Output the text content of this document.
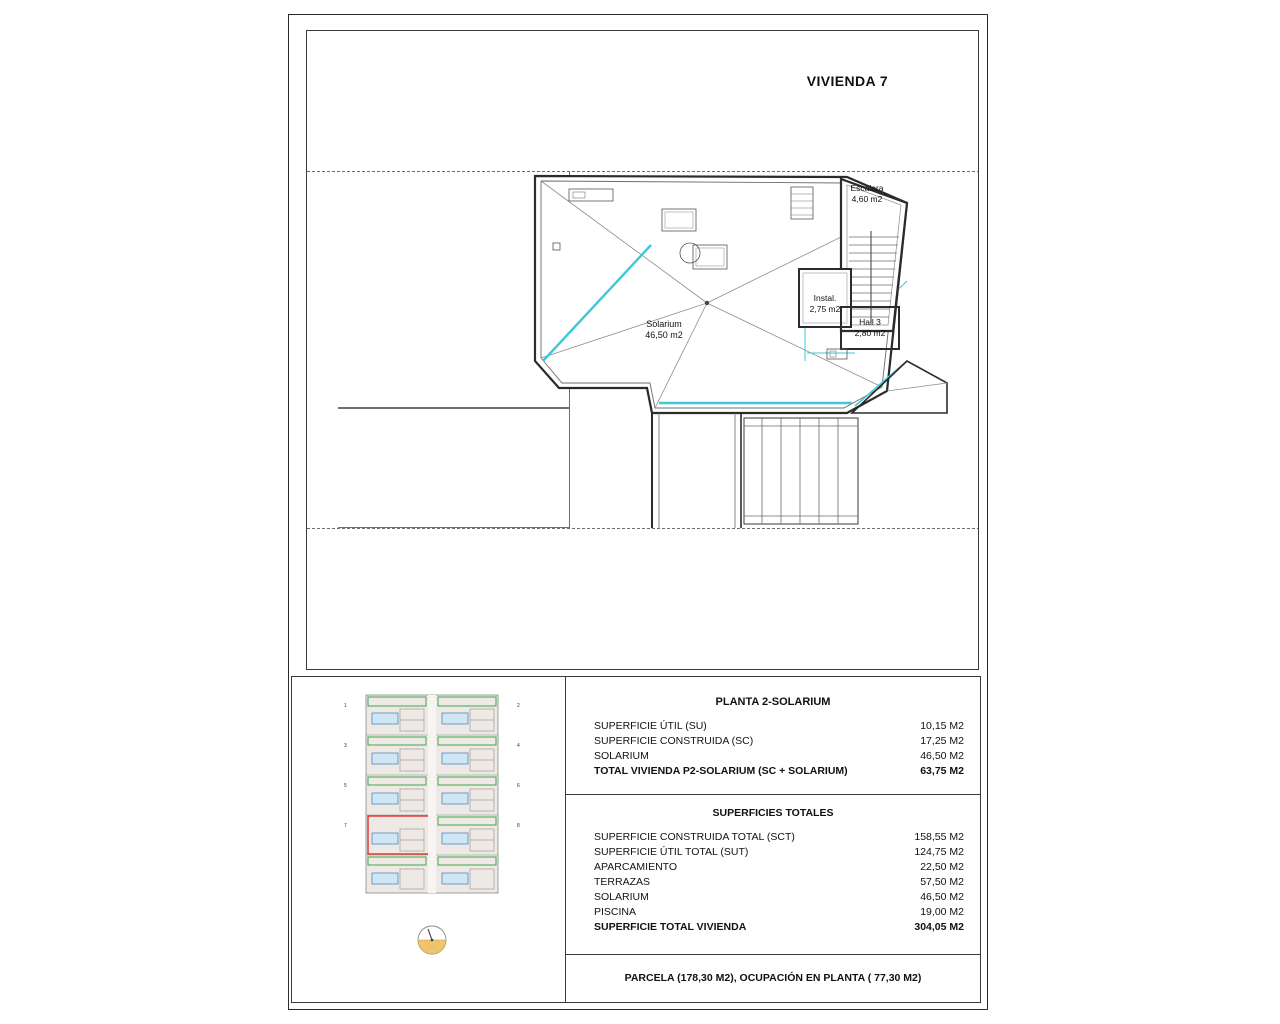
VIVIENDA 7
Solarium
46,50 m2
Escalera
4,60 m2
Instal.
2,75 m2
Hall 3
2,80 m2
1	2
3	4
5	6
7	8
PLANTA 2-SOLARIUM
SUPERFICIE ÚTIL (SU)	10,15 M2
SUPERFICIE CONSTRUIDA (SC)	17,25 M2
SOLARIUM	46,50 M2
TOTAL VIVIENDA P2-SOLARIUM (SC + SOLARIUM)	63,75 M2
SUPERFICIES TOTALES
SUPERFICIE CONSTRUIDA TOTAL (SCT)	158,55 M2
SUPERFICIE ÚTIL TOTAL (SUT)	124,75 M2
APARCAMIENTO	22,50 M2
TERRAZAS	57,50 M2
SOLARIUM	46,50 M2
PISCINA	19,00 M2
SUPERFICIE TOTAL VIVIENDA	304,05 M2
PARCELA (178,30 M2), OCUPACIÓN EN PLANTA ( 77,30 M2)
